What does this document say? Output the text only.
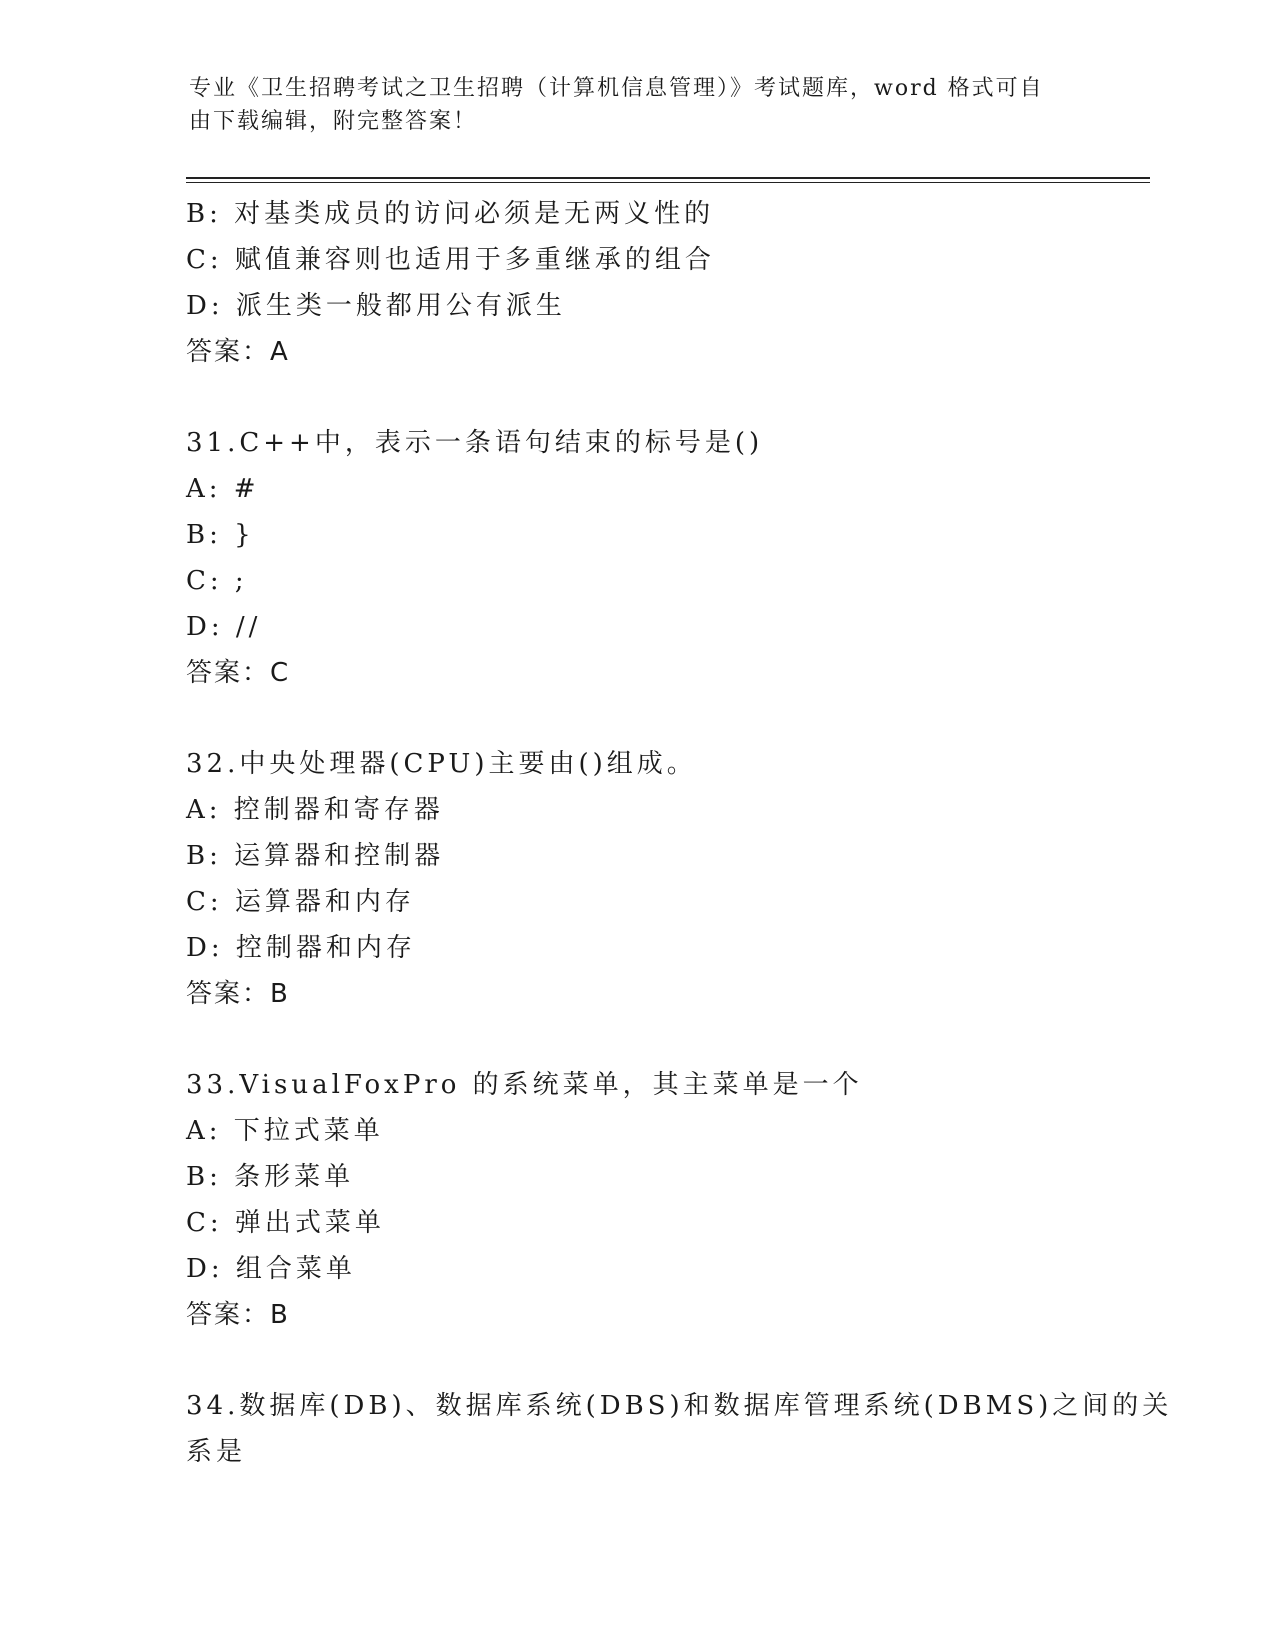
专业《卫生招聘考试之卫生招聘（计算机信息管理）》考试题库，word 格式可自
由下载编辑，附完整答案！
B: 对基类成员的访问必须是无两义性的
C: 赋值兼容则也适用于多重继承的组合
D: 派生类一般都用公有派生
答案：A
31.C++中，表示一条语句结束的标号是()
A: #
B: }
C: ;
D: //
答案：C
32.中央处理器(CPU)主要由()组成。
A: 控制器和寄存器
B: 运算器和控制器
C: 运算器和内存
D: 控制器和内存
答案：B
33.VisualFoxPro 的系统菜单，其主菜单是一个
A: 下拉式菜单
B: 条形菜单
C: 弹出式菜单
D: 组合菜单
答案：B
34.数据库(DB)、数据库系统(DBS)和数据库管理系统(DBMS)之间的关
系是
